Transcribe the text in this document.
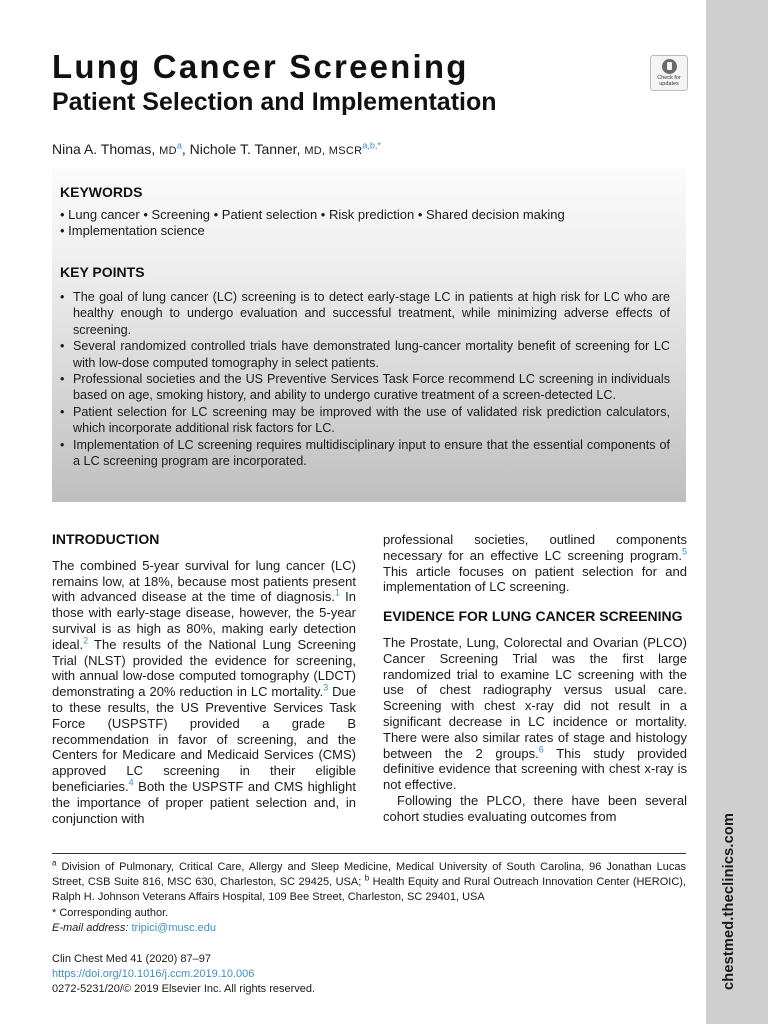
chestmed.theclinics.com
Check for
updates
Lung Cancer Screening
Patient Selection and Implementation
Nina A. Thomas, $MD^a$, Nichole T. Tanner, MD, $MSCR^{a,b,*}$
KEYWORDS
• Lung cancer • Screening • Patient selection • Risk prediction • Shared decision making
• Implementation science
KEY POINTS
• The goal of lung cancer (LC) screening is to detect early-stage LC in patients at high risk for LC who are healthy enough to undergo evaluation and successful treatment, while minimizing adverse effects of screening.
• Several randomized controlled trials have demonstrated lung-cancer mortality benefit of screening for LC with low-dose computed tomography in select patients.
• Professional societies and the US Preventive Services Task Force recommend LC screening in individuals based on age, smoking history, and ability to undergo curative treatment of a screen-detected LC.
• Patient selection for LC screening may be improved with the use of validated risk prediction calculators, which incorporate additional risk factors for LC.
• Implementation of LC screening requires multidisciplinary input to ensure that the essential components of a LC screening program are incorporated.
INTRODUCTION

The combined 5-year survival for lung cancer (LC) remains low, at 18%, because most patients present with advanced disease at the time of diagnosis.$^1$ In those with early-stage disease, however, the 5-year survival is as high as 80%, making early detection ideal.$^2$ The results of the National Lung Screening Trial (NLST) provided the evidence for screening, with annual low-dose computed tomography (LDCT) demonstrating a 20% reduction in LC mortality.$^3$ Due to these results, the US Preventive Services Task Force (USPSTF) provided a grade B recommendation in favor of screening, and the Centers for Medicare and Medicaid Services (CMS) approved LC screening in their eligible beneficiaries.$^4$ Both the USPSTF and CMS highlight the importance of proper patient selection and, in conjunction with

professional societies, outlined components necessary for an effective LC screening program.$^5$ This article focuses on patient selection for and implementation of LC screening.

EVIDENCE FOR LUNG CANCER SCREENING

The Prostate, Lung, Colorectal and Ovarian (PLCO) Cancer Screening Trial was the first large randomized trial to examine LC screening with the use of chest radiography versus usual care. Screening with chest x-ray did not result in a significant decrease in LC incidence or mortality. There were also similar rates of stage and histology between the 2 groups.$^6$ This study provided definitive evidence that screening with chest x-ray is not effective.

Following the PLCO, there have been several cohort studies evaluating outcomes from

$^a$ Division of Pulmonary, Critical Care, Allergy and Sleep Medicine, Medical University of South Carolina, 96 Jonathan Lucas Street, CSB Suite 816, MSC 630, Charleston, SC 29425, USA; $^b$ Health Equity and Rural Outreach Innovation Center (HEROIC), Ralph H. Johnson Veterans Affairs Hospital, 109 Bee Street, Charleston, SC 29401, USA

* Corresponding author.

E-mail address: tripici@musc.edu

Clin Chest Med 41 (2020) 87–97
https://doi.org/10.1016/j.ccm.2019.10.006
0272-5231/20/© 2019 Elsevier Inc. All rights reserved.
